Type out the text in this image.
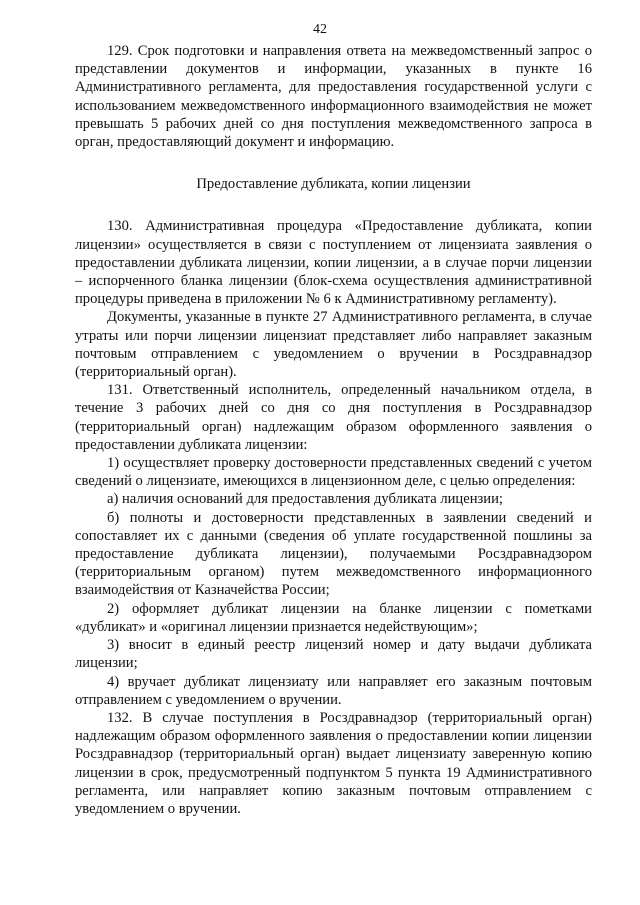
42

129. Срок подготовки и направления ответа на межведомственный запрос о представлении документов и информации, указанных в пункте 16 Административного регламента, для предоставления государственной услуги с использованием межведомственного информационного взаимодействия не может превышать 5 рабочих дней со дня поступления межведомственного запроса в орган, предоставляющий документ и информацию.

Предоставление дубликата, копии лицензии

130. Административная процедура «Предоставление дубликата, копии лицензии» осуществляется в связи с поступлением от лицензиата заявления о предоставлении дубликата лицензии, копии лицензии, а в случае порчи лицензии – испорченного бланка лицензии (блок-схема осуществления административной процедуры приведена в приложении № 6 к Административному регламенту).

Документы, указанные в пункте 27 Административного регламента, в случае утраты или порчи лицензии лицензиат представляет либо направляет заказным почтовым отправлением с уведомлением о вручении в Росздравнадзор (территориальный орган).

131. Ответственный исполнитель, определенный начальником отдела, в течение 3 рабочих дней со дня со дня поступления в Росздравнадзор (территориальный орган) надлежащим образом оформленного заявления о предоставлении дубликата лицензии:

1) осуществляет проверку достоверности представленных сведений с учетом сведений о лицензиате, имеющихся в лицензионном деле, с целью определения:

а) наличия оснований для предоставления дубликата лицензии;

б) полноты и достоверности представленных в заявлении сведений и сопоставляет их с данными (сведения об уплате государственной пошлины за предоставление дубликата лицензии), получаемыми Росздравнадзором (территориальным органом) путем межведомственного информационного взаимодействия от Казначейства России;

2) оформляет дубликат лицензии на бланке лицензии с пометками «дубликат» и «оригинал лицензии признается недействующим»;

3) вносит в единый реестр лицензий номер и дату выдачи дубликата лицензии;

4) вручает дубликат лицензиату или направляет его заказным почтовым отправлением с уведомлением о вручении.

132. В случае поступления в Росздравнадзор (территориальный орган) надлежащим образом оформленного заявления о предоставлении копии лицензии Росздравнадзор (территориальный орган) выдает лицензиату заверенную копию лицензии в срок, предусмотренный подпунктом 5 пункта 19 Административного регламента, или направляет копию заказным почтовым отправлением с уведомлением о вручении.
